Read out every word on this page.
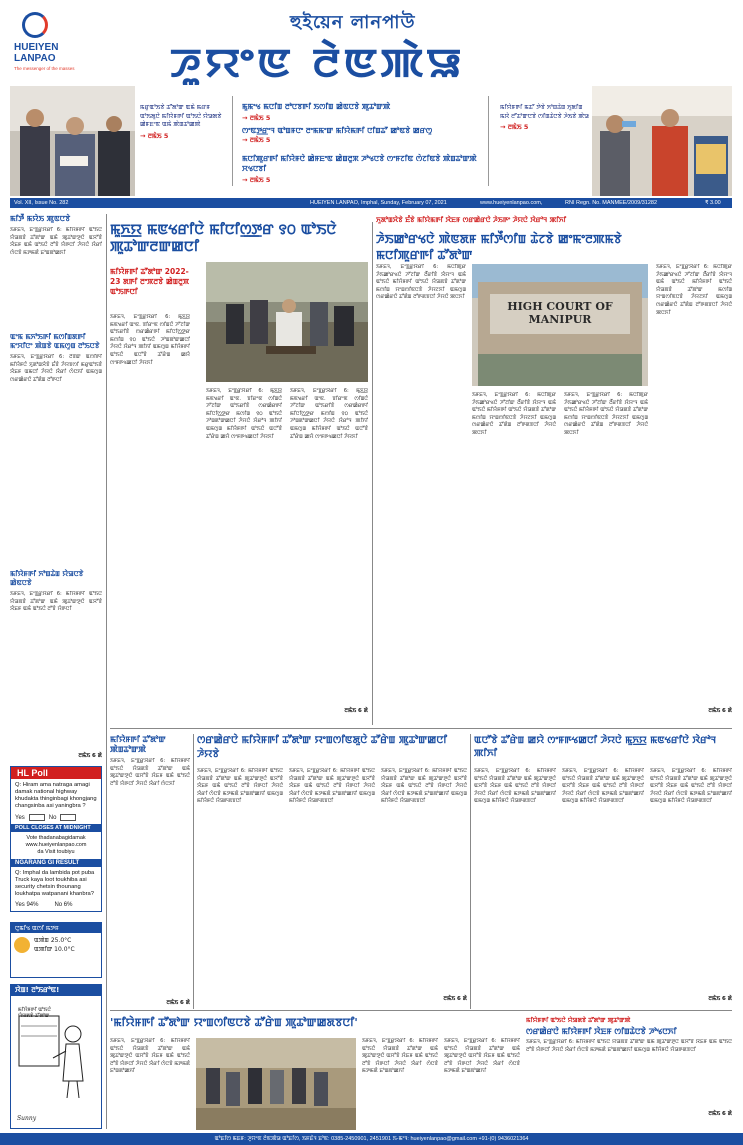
HUEIYEN
LANPAO
The messenger of the masses
হুইয়েন লানপাউ
ꯍꯨꯌꯦꯟ ꯂꯥꯟꯄꯥꯎ
ꯃꯔꯨꯑꯣꯏꯕꯥ ꯊꯧꯗꯣꯛ ꯑꯃꯥ ꯃꯔꯝ ꯑꯣꯏꯗꯨꯅꯥ ꯃꯤꯌꯥꯝꯒꯤ ꯑꯣꯏꯅꯥ ꯌꯥꯎꯗꯕꯥ ꯀꯥꯝꯐꯦꯟ ꯑꯃꯥ ꯄꯥꯡꯊꯣꯀꯄꯥ
→ ꯂꯃꯥꯏ 5
ꯃꯨꯃꯦꯠ ꯃꯅꯤꯡ ꯂꯣꯅꯕꯒꯤ ꯏꯁꯤꯡ ꯀꯥꯟꯅꯕꯥ ꯄꯨꯊꯣꯛꯄꯥ
→ ꯂꯃꯥꯏ 5
ꯁꯦꯟꯇ꯭ꯔꯦꯜ ꯑꯣꯡꯝꯅꯦ ꯂꯦꯃꯃꯦꯛ ꯃꯤꯌꯥꯃꯒꯤ ꯅꯤꯡꯊꯧ ꯀꯣꯟꯕꯥ ꯀꯔꯁꯨ
→ ꯂꯃꯥꯏ 5
ꯃꯅꯤꯄꯨꯔꯒꯤ ꯃꯤꯌꯥꯝꯅꯥ ꯀꯥꯝꯐꯦꯟ ꯀꯥꯡꯂꯨꯞ ꯍꯣꯠꯅꯕꯥ ꯁꯦꯝꯖꯤꯟ ꯁꯥꯖꯤꯟꯕꯥ ꯄꯥꯡꯊꯣꯛꯄꯥ ꯆꯠꯅꯕꯤ
→ ꯂꯃꯥꯏ 5
ꯃꯤꯌꯥꯝꯒꯤ ꯃꯊꯧ ꯇꯥꯕꯥ ꯈꯣꯡꯊꯥꯡ ꯈꯨꯗꯤꯡ ꯃꯆꯥ ꯂꯧꯊꯣꯛꯅꯕꯥ ꯁꯤꯡꯊꯥꯅꯕꯥ ꯍꯥꯏꯕꯥ ꯄꯥꯎ
→ ꯂꯃꯥꯏ 5
Vol. XII, Issue No. 282	HUEIYEN LANPAO, Imphal, Sunday, February 07, 2021	www.hueiyenlanpao.com,	RNI Regn. No. MANMEE/2009/31282	₹ 3.00
ꯃꯤꯇꯩ ꯃꯌꯥꯏ ꯄꯨꯟꯅꯕꯥ
ꯏꯝꯐꯥꯜ, ꯐꯦꯕ꯭ꯔꯨꯋꯥꯔꯤ 6: ꯃꯤꯌꯥꯝꯒꯤ ꯑꯣꯏꯅꯥ ꯌꯥꯎꯗꯕꯥ ꯊꯧꯗꯣꯛ ꯑꯃꯥ ꯄꯨꯊꯣꯛꯇꯨꯅꯥ ꯑꯆꯧꯕꯥ ꯋꯥꯐꯝ ꯑꯃꯥ ꯑꯣꯏꯅꯥ ꯂꯧꯕꯥ ꯌꯥꯒꯅꯤ ꯍꯥꯌꯅꯥ ꯋꯥꯔꯤ ꯁꯥꯅꯕꯥ ꯃꯇꯃꯗꯥ ꯐꯣꯡꯗꯣꯀꯈꯤ
ꯑꯦꯃ ꯃꯈꯣꯏꯒꯤ ꯃꯁꯤꯡꯗꯒꯤ ꯃꯦꯆꯤꯅꯦ ꯄꯥꯡꯕꯥ ꯑꯃꯁꯨꯡ ꯂꯣꯏꯅꯕꯥ
ꯏꯝꯐꯥꯜ, ꯐꯦꯕ꯭ꯔꯨꯋꯥꯔꯤ 6: ꯂꯩꯕꯥꯛ ꯑꯁꯤꯒꯤ ꯃꯤꯌꯥꯝꯅꯥ ꯈꯨꯗꯣꯡꯆꯥꯕꯥ ꯐꯪꯕꯥ ꯍꯥꯌꯕꯁꯤ ꯃꯔꯨꯑꯣꯏꯕꯥ ꯋꯥꯐꯝ ꯑꯃꯅꯤ ꯍꯥꯌꯅꯥ ꯋꯥꯔꯤ ꯁꯥꯅꯈꯤ ꯑꯃꯁꯨꯡ ꯁꯔꯀꯥꯔꯅꯥ ꯊꯧꯗꯥꯡ ꯂꯧꯒꯅꯤ
ꯃꯤꯌꯥꯝꯒꯤ ꯈꯣꯡꯊꯥꯡ ꯌꯥꯎꯅꯕꯥ ꯀꯥꯟꯅꯕꯥ
ꯏꯝꯐꯥꯜ, ꯐꯦꯕ꯭ꯔꯨꯋꯥꯔꯤ 6: ꯃꯤꯌꯥꯝꯒꯤ ꯑꯣꯏꯅꯥ ꯌꯥꯎꯗꯕꯥ ꯊꯧꯗꯣꯛ ꯑꯃꯥ ꯄꯨꯊꯣꯛꯇꯨꯅꯥ ꯑꯆꯧꯕꯥ ꯋꯥꯐꯝ ꯑꯃꯥ ꯑꯣꯏꯅꯥ ꯂꯧꯕꯥ ꯌꯥꯒꯅꯤ
ꯂꯃꯥꯏ 6 ꯗꯥ
HL Poll
Q: Hiram ama natraga amagi damak national highway khudakta thinginbagi khongjang changsinba asi yaningbra ?
Yes	No
POLL CLOSES AT MIDNIGHT
Vote thadanabagidamak
www.hueiyenlanpao.com
da Visit toubiyu
NGARANG GI RESULT
Q: Imphal da lambida pot puba Truck kaya loot toukhiba asi security chetsin thounang loukhatpa watpanani khanbra?
Yes 94%	No 6%
ꯅꯨꯃꯤꯠ ꯑꯁꯤ ꯃꯇꯝ
ꯑꯄꯥꯡ 25.0°C
ꯑꯄꯤꯛ 10.0°C
ꯋꯥꯡ! ꯂꯣꯏꯔꯣꯟ!
ꯃꯤꯌꯥꯝꯒꯤ ꯑꯣꯏꯅꯥ ꯌꯥꯎꯗꯕꯥ ꯊꯧꯗꯣꯛ
Sunny
ꯃꯨꯈ꯭ꯌ ꯃꯟꯠꯔꯤꯅꯥ ꯃꯤꯅꯤꯁ꯭ꯇꯔ ꯱꯰ ꯑꯣꯏꯅꯥ ꯄꯨꯊꯣꯛꯂꯛꯀꯅꯤ
ꯃꯤꯌꯥꯝꯒꯤ ꯊꯧꯗꯣꯛ 2022-23 ꯗꯒꯤ ꯂꯦꯞꯂꯕꯥ ꯀꯥꯡꯂꯨꯞ ꯑꯣꯏꯒꯅꯤ
ꯏꯝꯐꯥꯜ, ꯐꯦꯕ꯭ꯔꯨꯋꯥꯔꯤ 6: ꯃꯨꯈ꯭ꯌ ꯃꯟꯠꯔꯤ ꯑꯦꯟ. ꯕꯤꯔꯦꯟ ꯁꯤꯡꯅꯥ ꯍꯧꯖꯤꯛ ꯑꯣꯏꯔꯤꯕꯥ ꯁꯔꯀꯥꯔꯒꯤ ꯃꯤꯅꯤꯁ꯭ꯇꯔ ꯃꯁꯤꯡ ꯱꯰ ꯑꯣꯏꯅꯥ ꯍꯣꯡꯗꯣꯛꯀꯅꯤ ꯍꯥꯌꯅꯥ ꯋꯥꯔꯣꯜ ꯄꯤꯈꯤ ꯑꯃꯁꯨꯡ ꯃꯤꯌꯥꯝꯒꯤ ꯑꯣꯏꯅꯥ ꯑꯅꯧꯕꯥ ꯊꯧꯔꯥꯡ ꯀꯌꯥ ꯁꯦꯝꯒꯠꯀꯅꯤ ꯍꯥꯌꯈꯤ
ꯏꯝꯐꯥꯜ, ꯐꯦꯕ꯭ꯔꯨꯋꯥꯔꯤ 6: ꯃꯨꯈ꯭ꯌ ꯃꯟꯠꯔꯤ ꯑꯦꯟ. ꯕꯤꯔꯦꯟ ꯁꯤꯡꯅꯥ ꯍꯧꯖꯤꯛ ꯑꯣꯏꯔꯤꯕꯥ ꯁꯔꯀꯥꯔꯒꯤ ꯃꯤꯅꯤꯁ꯭ꯇꯔ ꯃꯁꯤꯡ ꯱꯰ ꯑꯣꯏꯅꯥ ꯍꯣꯡꯗꯣꯛꯀꯅꯤ ꯍꯥꯌꯅꯥ ꯋꯥꯔꯣꯜ ꯄꯤꯈꯤ ꯑꯃꯁꯨꯡ ꯃꯤꯌꯥꯝꯒꯤ ꯑꯣꯏꯅꯥ ꯑꯅꯧꯕꯥ ꯊꯧꯔꯥꯡ ꯀꯌꯥ ꯁꯦꯝꯒꯠꯀꯅꯤ ꯍꯥꯌꯈꯤ
ꯏꯝꯐꯥꯜ, ꯐꯦꯕ꯭ꯔꯨꯋꯥꯔꯤ 6: ꯃꯨꯈ꯭ꯌ ꯃꯟꯠꯔꯤ ꯑꯦꯟ. ꯕꯤꯔꯦꯟ ꯁꯤꯡꯅꯥ ꯍꯧꯖꯤꯛ ꯑꯣꯏꯔꯤꯕꯥ ꯁꯔꯀꯥꯔꯒꯤ ꯃꯤꯅꯤꯁ꯭ꯇꯔ ꯃꯁꯤꯡ ꯱꯰ ꯑꯣꯏꯅꯥ ꯍꯣꯡꯗꯣꯛꯀꯅꯤ ꯍꯥꯌꯅꯥ ꯋꯥꯔꯣꯜ ꯄꯤꯈꯤ ꯑꯃꯁꯨꯡ ꯃꯤꯌꯥꯝꯒꯤ ꯑꯣꯏꯅꯥ ꯑꯅꯧꯕꯥ ꯊꯧꯔꯥꯡ ꯀꯌꯥ ꯁꯦꯝꯒꯠꯀꯅꯤ ꯍꯥꯌꯈꯤ
ꯂꯃꯥꯏ 6 ꯗꯥ
ꯈꯨꯗꯣꯡꯆꯥꯕꯥ ꯐꯪꯕꯥ ꯃꯤꯌꯥꯃꯒꯤ ꯋꯥꯐꯝ ꯁꯔꯀꯥꯔꯅꯥ ꯍꯥꯏꯒꯦ ꯍꯥꯌꯅꯥ ꯋꯥꯔꯣꯜ ꯄꯤꯈꯤ
ꯍꯥꯏꯀꯣꯔꯠꯅꯥ ꯄꯥꯟꯗꯝ ꯃꯤꯇꯩꯁꯤꯡ ꯊꯥꯖꯕꯥ ꯀꯦꯃꯦꯂꯄꯃꯕꯥ ꯃꯅꯤꯄꯨꯔꯒꯤ ꯊꯧꯗꯣꯛ
ꯏꯝꯐꯥꯜ, ꯐꯦꯕ꯭ꯔꯨꯋꯥꯔꯤ 6: ꯃꯅꯤꯄꯨꯔ ꯍꯥꯏꯀꯣꯔꯠꯅꯥ ꯍꯧꯖꯤꯛ ꯂꯩꯔꯤꯕꯥ ꯋꯥꯌꯦꯜ ꯑꯃꯥ ꯑꯣꯏꯅꯥ ꯃꯤꯌꯥꯝꯒꯤ ꯑꯣꯏꯅꯥ ꯌꯥꯎꯗꯕꯥ ꯊꯧꯗꯣꯛ ꯃꯁꯤꯡ ꯌꯦꯡꯁꯤꯟꯅꯕꯥ ꯍꯥꯌꯖꯈꯤ ꯑꯃꯁꯨꯡ ꯁꯔꯀꯥꯔꯅꯥ ꯊꯧꯗꯥꯡ ꯂꯧꯒꯗꯕꯅꯤ ꯍꯥꯌꯅꯥ ꯄꯅꯈꯤ
HIGH COURT OF MANIPUR
ꯏꯝꯐꯥꯜ, ꯐꯦꯕ꯭ꯔꯨꯋꯥꯔꯤ 6: ꯃꯅꯤꯄꯨꯔ ꯍꯥꯏꯀꯣꯔꯠꯅꯥ ꯍꯧꯖꯤꯛ ꯂꯩꯔꯤꯕꯥ ꯋꯥꯌꯦꯜ ꯑꯃꯥ ꯑꯣꯏꯅꯥ ꯃꯤꯌꯥꯝꯒꯤ ꯑꯣꯏꯅꯥ ꯌꯥꯎꯗꯕꯥ ꯊꯧꯗꯣꯛ ꯃꯁꯤꯡ ꯌꯦꯡꯁꯤꯟꯅꯕꯥ ꯍꯥꯌꯖꯈꯤ ꯑꯃꯁꯨꯡ ꯁꯔꯀꯥꯔꯅꯥ ꯊꯧꯗꯥꯡ ꯂꯧꯒꯗꯕꯅꯤ ꯍꯥꯌꯅꯥ ꯄꯅꯈꯤ
ꯏꯝꯐꯥꯜ, ꯐꯦꯕ꯭ꯔꯨꯋꯥꯔꯤ 6: ꯃꯅꯤꯄꯨꯔ ꯍꯥꯏꯀꯣꯔꯠꯅꯥ ꯍꯧꯖꯤꯛ ꯂꯩꯔꯤꯕꯥ ꯋꯥꯌꯦꯜ ꯑꯃꯥ ꯑꯣꯏꯅꯥ ꯃꯤꯌꯥꯝꯒꯤ ꯑꯣꯏꯅꯥ ꯌꯥꯎꯗꯕꯥ ꯊꯧꯗꯣꯛ ꯃꯁꯤꯡ ꯌꯦꯡꯁꯤꯟꯅꯕꯥ ꯍꯥꯌꯖꯈꯤ ꯑꯃꯁꯨꯡ ꯁꯔꯀꯥꯔꯅꯥ ꯊꯧꯗꯥꯡ ꯂꯧꯒꯗꯕꯅꯤ ꯍꯥꯌꯅꯥ ꯄꯅꯈꯤ
ꯏꯝꯐꯥꯜ, ꯐꯦꯕ꯭ꯔꯨꯋꯥꯔꯤ 6: ꯃꯅꯤꯄꯨꯔ ꯍꯥꯏꯀꯣꯔꯠꯅꯥ ꯍꯧꯖꯤꯛ ꯂꯩꯔꯤꯕꯥ ꯋꯥꯌꯦꯜ ꯑꯃꯥ ꯑꯣꯏꯅꯥ ꯃꯤꯌꯥꯝꯒꯤ ꯑꯣꯏꯅꯥ ꯌꯥꯎꯗꯕꯥ ꯊꯧꯗꯣꯛ ꯃꯁꯤꯡ ꯌꯦꯡꯁꯤꯟꯅꯕꯥ ꯍꯥꯌꯖꯈꯤ ꯑꯃꯁꯨꯡ ꯁꯔꯀꯥꯔꯅꯥ ꯊꯧꯗꯥꯡ ꯂꯧꯒꯗꯕꯅꯤ ꯍꯥꯌꯅꯥ ꯄꯅꯈꯤ
ꯂꯃꯥꯏ 6 ꯗꯥ
ꯃꯤꯌꯥꯝꯒꯤ ꯊꯧꯗꯣꯛ ꯄꯥꯡꯊꯣꯛꯄꯥ
ꯏꯝꯐꯥꯜ, ꯐꯦꯕ꯭ꯔꯨꯋꯥꯔꯤ 6: ꯃꯤꯌꯥꯝꯒꯤ ꯑꯣꯏꯅꯥ ꯌꯥꯎꯗꯕꯥ ꯊꯧꯗꯣꯛ ꯑꯃꯥ ꯄꯨꯊꯣꯛꯇꯨꯅꯥ ꯑꯆꯧꯕꯥ ꯋꯥꯐꯝ ꯑꯃꯥ ꯑꯣꯏꯅꯥ ꯂꯧꯕꯥ ꯌꯥꯒꯅꯤ ꯍꯥꯌꯅꯥ ꯋꯥꯔꯤ ꯁꯥꯅꯈꯤ
ꯂꯃꯥꯏ 6 ꯗꯥ
ꯁꯔꯀꯥꯔꯅꯥ ꯃꯤꯌꯥꯝꯒꯤ ꯊꯧꯗꯣꯛ ꯌꯦꯡꯁꯤꯟꯗꯨꯅꯥ ꯊꯧꯔꯥꯡ ꯄꯨꯊꯣꯛꯀꯅꯤ ꯍꯥꯌꯕꯥ
ꯏꯝꯐꯥꯜ, ꯐꯦꯕ꯭ꯔꯨꯋꯥꯔꯤ 6: ꯃꯤꯌꯥꯝꯒꯤ ꯑꯣꯏꯅꯥ ꯌꯥꯎꯗꯕꯥ ꯊꯧꯗꯣꯛ ꯑꯃꯥ ꯄꯨꯊꯣꯛꯇꯨꯅꯥ ꯑꯆꯧꯕꯥ ꯋꯥꯐꯝ ꯑꯃꯥ ꯑꯣꯏꯅꯥ ꯂꯧꯕꯥ ꯌꯥꯒꯅꯤ ꯍꯥꯌꯅꯥ ꯋꯥꯔꯤ ꯁꯥꯅꯕꯥ ꯃꯇꯃꯗꯥ ꯐꯣꯡꯗꯣꯀꯈꯤ ꯑꯃꯁꯨꯡ ꯃꯤꯌꯥꯝꯅꯥ ꯌꯥꯎꯒꯗꯕꯅꯤ
ꯏꯝꯐꯥꯜ, ꯐꯦꯕ꯭ꯔꯨꯋꯥꯔꯤ 6: ꯃꯤꯌꯥꯝꯒꯤ ꯑꯣꯏꯅꯥ ꯌꯥꯎꯗꯕꯥ ꯊꯧꯗꯣꯛ ꯑꯃꯥ ꯄꯨꯊꯣꯛꯇꯨꯅꯥ ꯑꯆꯧꯕꯥ ꯋꯥꯐꯝ ꯑꯃꯥ ꯑꯣꯏꯅꯥ ꯂꯧꯕꯥ ꯌꯥꯒꯅꯤ ꯍꯥꯌꯅꯥ ꯋꯥꯔꯤ ꯁꯥꯅꯕꯥ ꯃꯇꯃꯗꯥ ꯐꯣꯡꯗꯣꯀꯈꯤ ꯑꯃꯁꯨꯡ ꯃꯤꯌꯥꯝꯅꯥ ꯌꯥꯎꯒꯗꯕꯅꯤ
ꯏꯝꯐꯥꯜ, ꯐꯦꯕ꯭ꯔꯨꯋꯥꯔꯤ 6: ꯃꯤꯌꯥꯝꯒꯤ ꯑꯣꯏꯅꯥ ꯌꯥꯎꯗꯕꯥ ꯊꯧꯗꯣꯛ ꯑꯃꯥ ꯄꯨꯊꯣꯛꯇꯨꯅꯥ ꯑꯆꯧꯕꯥ ꯋꯥꯐꯝ ꯑꯃꯥ ꯑꯣꯏꯅꯥ ꯂꯧꯕꯥ ꯌꯥꯒꯅꯤ ꯍꯥꯌꯅꯥ ꯋꯥꯔꯤ ꯁꯥꯅꯕꯥ ꯃꯇꯃꯗꯥ ꯐꯣꯡꯗꯣꯀꯈꯤ ꯑꯃꯁꯨꯡ ꯃꯤꯌꯥꯝꯅꯥ ꯌꯥꯎꯒꯗꯕꯅꯤ
ꯂꯃꯥꯏ 6 ꯗꯥ
ꯑꯅꯧꯕꯥ ꯊꯧꯔꯥꯡ ꯀꯌꯥ ꯁꯦꯝꯒꯠꯀꯅꯤ ꯍꯥꯌꯅꯥ ꯃꯨꯈ꯭ꯌ ꯃꯟꯠꯔꯤꯅꯥ ꯋꯥꯔꯣꯜ ꯄꯤꯈꯤ
ꯏꯝꯐꯥꯜ, ꯐꯦꯕ꯭ꯔꯨꯋꯥꯔꯤ 6: ꯃꯤꯌꯥꯝꯒꯤ ꯑꯣꯏꯅꯥ ꯌꯥꯎꯗꯕꯥ ꯊꯧꯗꯣꯛ ꯑꯃꯥ ꯄꯨꯊꯣꯛꯇꯨꯅꯥ ꯑꯆꯧꯕꯥ ꯋꯥꯐꯝ ꯑꯃꯥ ꯑꯣꯏꯅꯥ ꯂꯧꯕꯥ ꯌꯥꯒꯅꯤ ꯍꯥꯌꯅꯥ ꯋꯥꯔꯤ ꯁꯥꯅꯕꯥ ꯃꯇꯃꯗꯥ ꯐꯣꯡꯗꯣꯀꯈꯤ ꯑꯃꯁꯨꯡ ꯃꯤꯌꯥꯝꯅꯥ ꯌꯥꯎꯒꯗꯕꯅꯤ
ꯏꯝꯐꯥꯜ, ꯐꯦꯕ꯭ꯔꯨꯋꯥꯔꯤ 6: ꯃꯤꯌꯥꯝꯒꯤ ꯑꯣꯏꯅꯥ ꯌꯥꯎꯗꯕꯥ ꯊꯧꯗꯣꯛ ꯑꯃꯥ ꯄꯨꯊꯣꯛꯇꯨꯅꯥ ꯑꯆꯧꯕꯥ ꯋꯥꯐꯝ ꯑꯃꯥ ꯑꯣꯏꯅꯥ ꯂꯧꯕꯥ ꯌꯥꯒꯅꯤ ꯍꯥꯌꯅꯥ ꯋꯥꯔꯤ ꯁꯥꯅꯕꯥ ꯃꯇꯃꯗꯥ ꯐꯣꯡꯗꯣꯀꯈꯤ ꯑꯃꯁꯨꯡ ꯃꯤꯌꯥꯝꯅꯥ ꯌꯥꯎꯒꯗꯕꯅꯤ
ꯏꯝꯐꯥꯜ, ꯐꯦꯕ꯭ꯔꯨꯋꯥꯔꯤ 6: ꯃꯤꯌꯥꯝꯒꯤ ꯑꯣꯏꯅꯥ ꯌꯥꯎꯗꯕꯥ ꯊꯧꯗꯣꯛ ꯑꯃꯥ ꯄꯨꯊꯣꯛꯇꯨꯅꯥ ꯑꯆꯧꯕꯥ ꯋꯥꯐꯝ ꯑꯃꯥ ꯑꯣꯏꯅꯥ ꯂꯧꯕꯥ ꯌꯥꯒꯅꯤ ꯍꯥꯌꯅꯥ ꯋꯥꯔꯤ ꯁꯥꯅꯕꯥ ꯃꯇꯃꯗꯥ ꯐꯣꯡꯗꯣꯀꯈꯤ ꯑꯃꯁꯨꯡ ꯃꯤꯌꯥꯝꯅꯥ ꯌꯥꯎꯒꯗꯕꯅꯤ
ꯂꯃꯥꯏ 6 ꯗꯥ
'ꯃꯤꯌꯥꯝꯒꯤ ꯊꯧꯗꯣꯛ ꯌꯦꯡꯁꯤꯟꯅꯕꯥ ꯊꯧꯔꯥꯡ ꯄꯨꯊꯣꯛꯀꯗꯕꯅꯤ'
ꯏꯝꯐꯥꯜ, ꯐꯦꯕ꯭ꯔꯨꯋꯥꯔꯤ 6: ꯃꯤꯌꯥꯝꯒꯤ ꯑꯣꯏꯅꯥ ꯌꯥꯎꯗꯕꯥ ꯊꯧꯗꯣꯛ ꯑꯃꯥ ꯄꯨꯊꯣꯛꯇꯨꯅꯥ ꯑꯆꯧꯕꯥ ꯋꯥꯐꯝ ꯑꯃꯥ ꯑꯣꯏꯅꯥ ꯂꯧꯕꯥ ꯌꯥꯒꯅꯤ ꯍꯥꯌꯅꯥ ꯋꯥꯔꯤ ꯁꯥꯅꯕꯥ ꯃꯇꯃꯗꯥ ꯐꯣꯡꯗꯣꯀꯈꯤ
ꯏꯝꯐꯥꯜ, ꯐꯦꯕ꯭ꯔꯨꯋꯥꯔꯤ 6: ꯃꯤꯌꯥꯝꯒꯤ ꯑꯣꯏꯅꯥ ꯌꯥꯎꯗꯕꯥ ꯊꯧꯗꯣꯛ ꯑꯃꯥ ꯄꯨꯊꯣꯛꯇꯨꯅꯥ ꯑꯆꯧꯕꯥ ꯋꯥꯐꯝ ꯑꯃꯥ ꯑꯣꯏꯅꯥ ꯂꯧꯕꯥ ꯌꯥꯒꯅꯤ ꯍꯥꯌꯅꯥ ꯋꯥꯔꯤ ꯁꯥꯅꯕꯥ ꯃꯇꯃꯗꯥ ꯐꯣꯡꯗꯣꯀꯈꯤ
ꯏꯝꯐꯥꯜ, ꯐꯦꯕ꯭ꯔꯨꯋꯥꯔꯤ 6: ꯃꯤꯌꯥꯝꯒꯤ ꯑꯣꯏꯅꯥ ꯌꯥꯎꯗꯕꯥ ꯊꯧꯗꯣꯛ ꯑꯃꯥ ꯄꯨꯊꯣꯛꯇꯨꯅꯥ ꯑꯆꯧꯕꯥ ꯋꯥꯐꯝ ꯑꯃꯥ ꯑꯣꯏꯅꯥ ꯂꯧꯕꯥ ꯌꯥꯒꯅꯤ ꯍꯥꯌꯅꯥ ꯋꯥꯔꯤ ꯁꯥꯅꯕꯥ ꯃꯇꯃꯗꯥ ꯐꯣꯡꯗꯣꯀꯈꯤ
ꯃꯤꯌꯥꯝꯒꯤ ꯑꯣꯏꯅꯥ ꯌꯥꯎꯗꯕꯥ ꯊꯧꯗꯣꯛ ꯄꯨꯊꯣꯛꯄꯥ
ꯁꯔꯀꯥꯔꯅꯥ ꯃꯤꯌꯥꯝꯒꯤ ꯋꯥꯐꯝ ꯁꯤꯡꯊꯥꯅꯕꯥ ꯍꯣꯠꯅꯈꯤ
ꯏꯝꯐꯥꯜ, ꯐꯦꯕ꯭ꯔꯨꯋꯥꯔꯤ 6: ꯃꯤꯌꯥꯝꯒꯤ ꯑꯣꯏꯅꯥ ꯌꯥꯎꯗꯕꯥ ꯊꯧꯗꯣꯛ ꯑꯃꯥ ꯄꯨꯊꯣꯛꯇꯨꯅꯥ ꯑꯆꯧꯕꯥ ꯋꯥꯐꯝ ꯑꯃꯥ ꯑꯣꯏꯅꯥ ꯂꯧꯕꯥ ꯌꯥꯒꯅꯤ ꯍꯥꯌꯅꯥ ꯋꯥꯔꯤ ꯁꯥꯅꯕꯥ ꯃꯇꯃꯗꯥ ꯐꯣꯡꯗꯣꯀꯈꯤ ꯑꯃꯁꯨꯡ ꯃꯤꯌꯥꯝꯅꯥ ꯌꯥꯎꯒꯗꯕꯅꯤ
ꯂꯃꯥꯏ 6 ꯗꯥ
ꯑꯣꯐꯤꯁ ꯃꯐꯝ: ꯍꯨꯌꯦꯟ ꯂꯥꯟꯄꯥꯎ ꯑꯣꯐꯤꯁ, ꯏꯝꯐꯥꯜ ꯐꯣꯟ: 0385-2450901, 2451901 ꯏ-ꯃꯦꯜ: hueiyenlanpao@gmail.com +91-(0) 9436021364
